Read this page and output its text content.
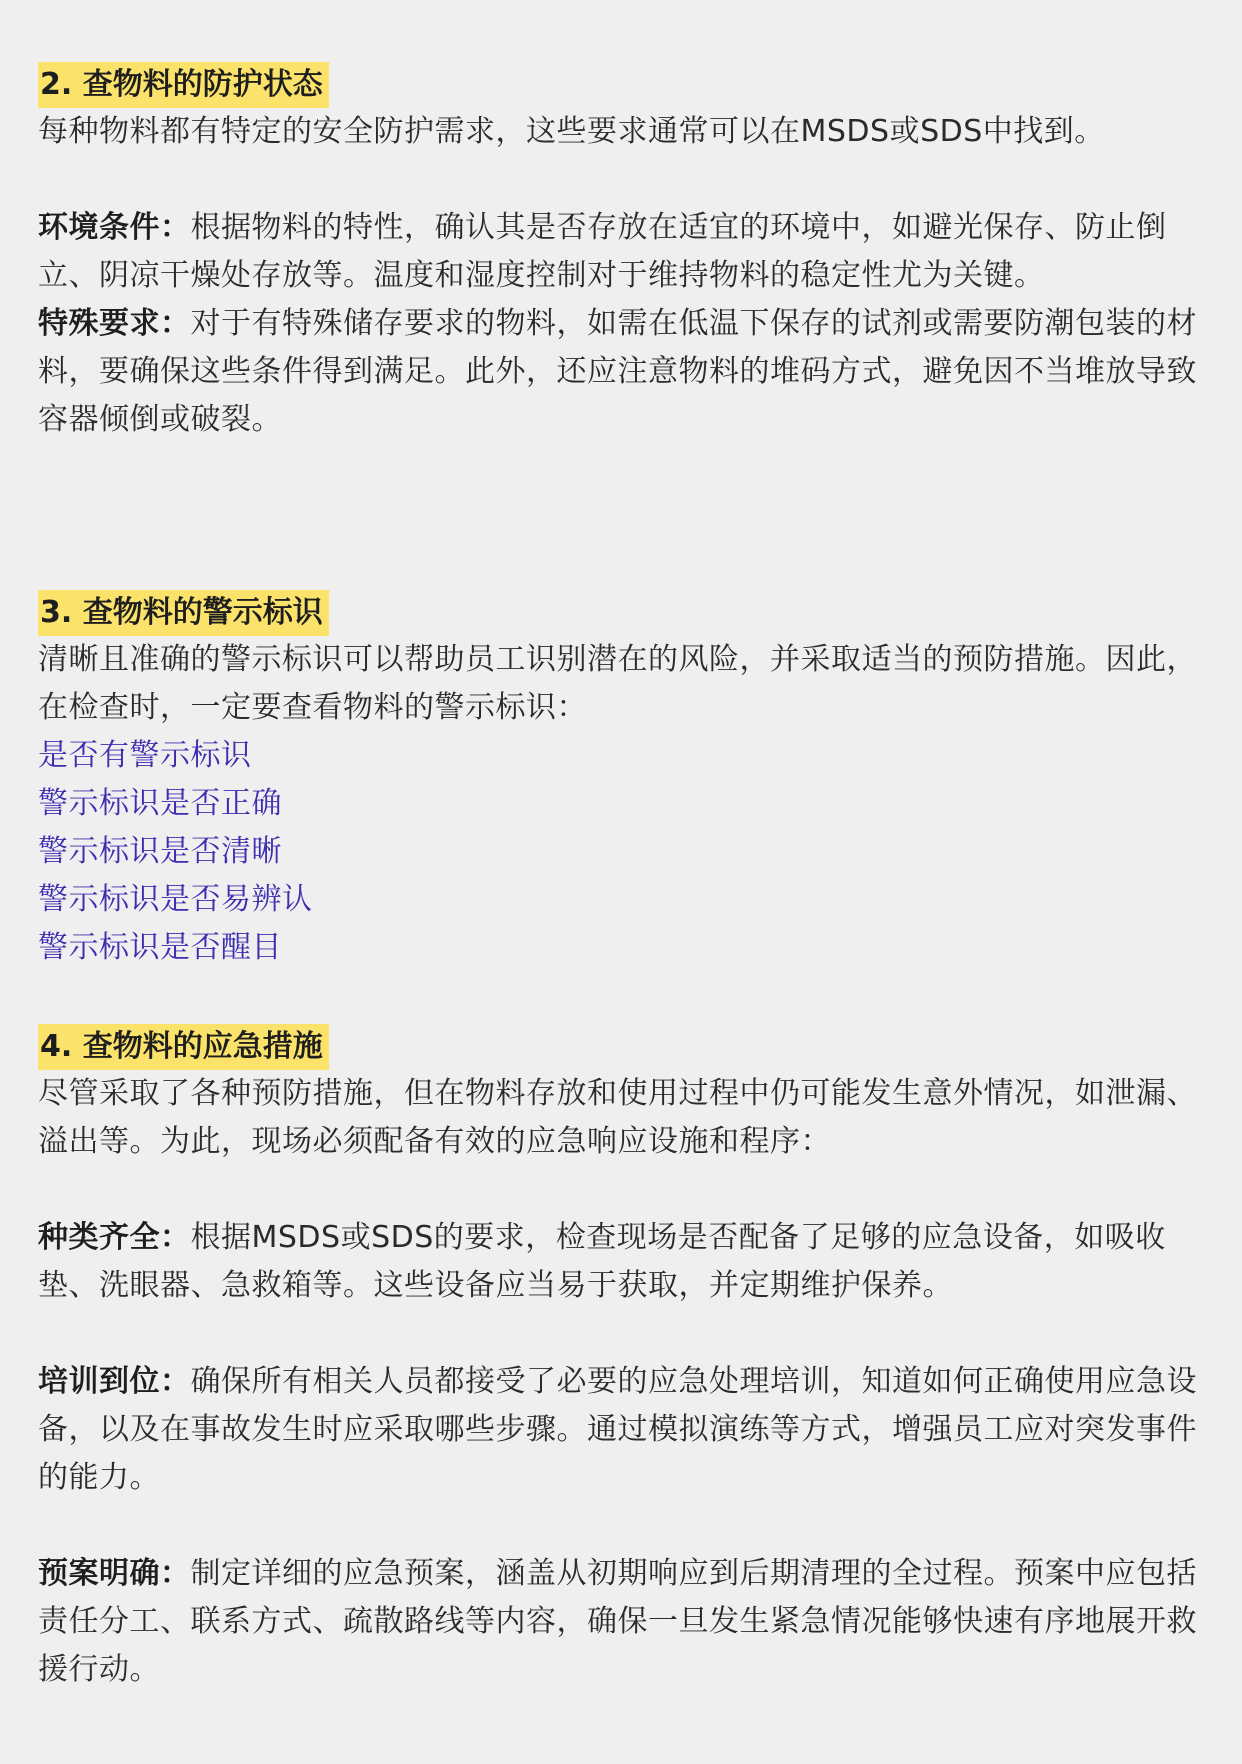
2. 查物料的防护状态

每种物料都有特定的安全防护需求，这些要求通常可以在MSDS或SDS中找到。

环境条件：根据物料的特性，确认其是否存放在适宜的环境中，如避光保存、防止倒立、阴凉干燥处存放等。温度和湿度控制对于维持物料的稳定性尤为关键。

特殊要求：对于有特殊储存要求的物料，如需在低温下保存的试剂或需要防潮包装的材料，要确保这些条件得到满足。此外，还应注意物料的堆码方式，避免因不当堆放导致容器倾倒或破裂。

3. 查物料的警示标识

清晰且准确的警示标识可以帮助员工识别潜在的风险，并采取适当的预防措施。因此，在检查时，一定要查看物料的警示标识：

是否有警示标识

警示标识是否正确

警示标识是否清晰

警示标识是否易辨认

警示标识是否醒目

4. 查物料的应急措施

尽管采取了各种预防措施，但在物料存放和使用过程中仍可能发生意外情况，如泄漏、溢出等。为此，现场必须配备有效的应急响应设施和程序：

种类齐全：根据MSDS或SDS的要求，检查现场是否配备了足够的应急设备，如吸收垫、洗眼器、急救箱等。这些设备应当易于获取，并定期维护保养。

培训到位：确保所有相关人员都接受了必要的应急处理培训，知道如何正确使用应急设备，以及在事故发生时应采取哪些步骤。通过模拟演练等方式，增强员工应对突发事件的能力。

预案明确：制定详细的应急预案，涵盖从初期响应到后期清理的全过程。预案中应包括责任分工、联系方式、疏散路线等内容，确保一旦发生紧急情况能够快速有序地展开救援行动。
